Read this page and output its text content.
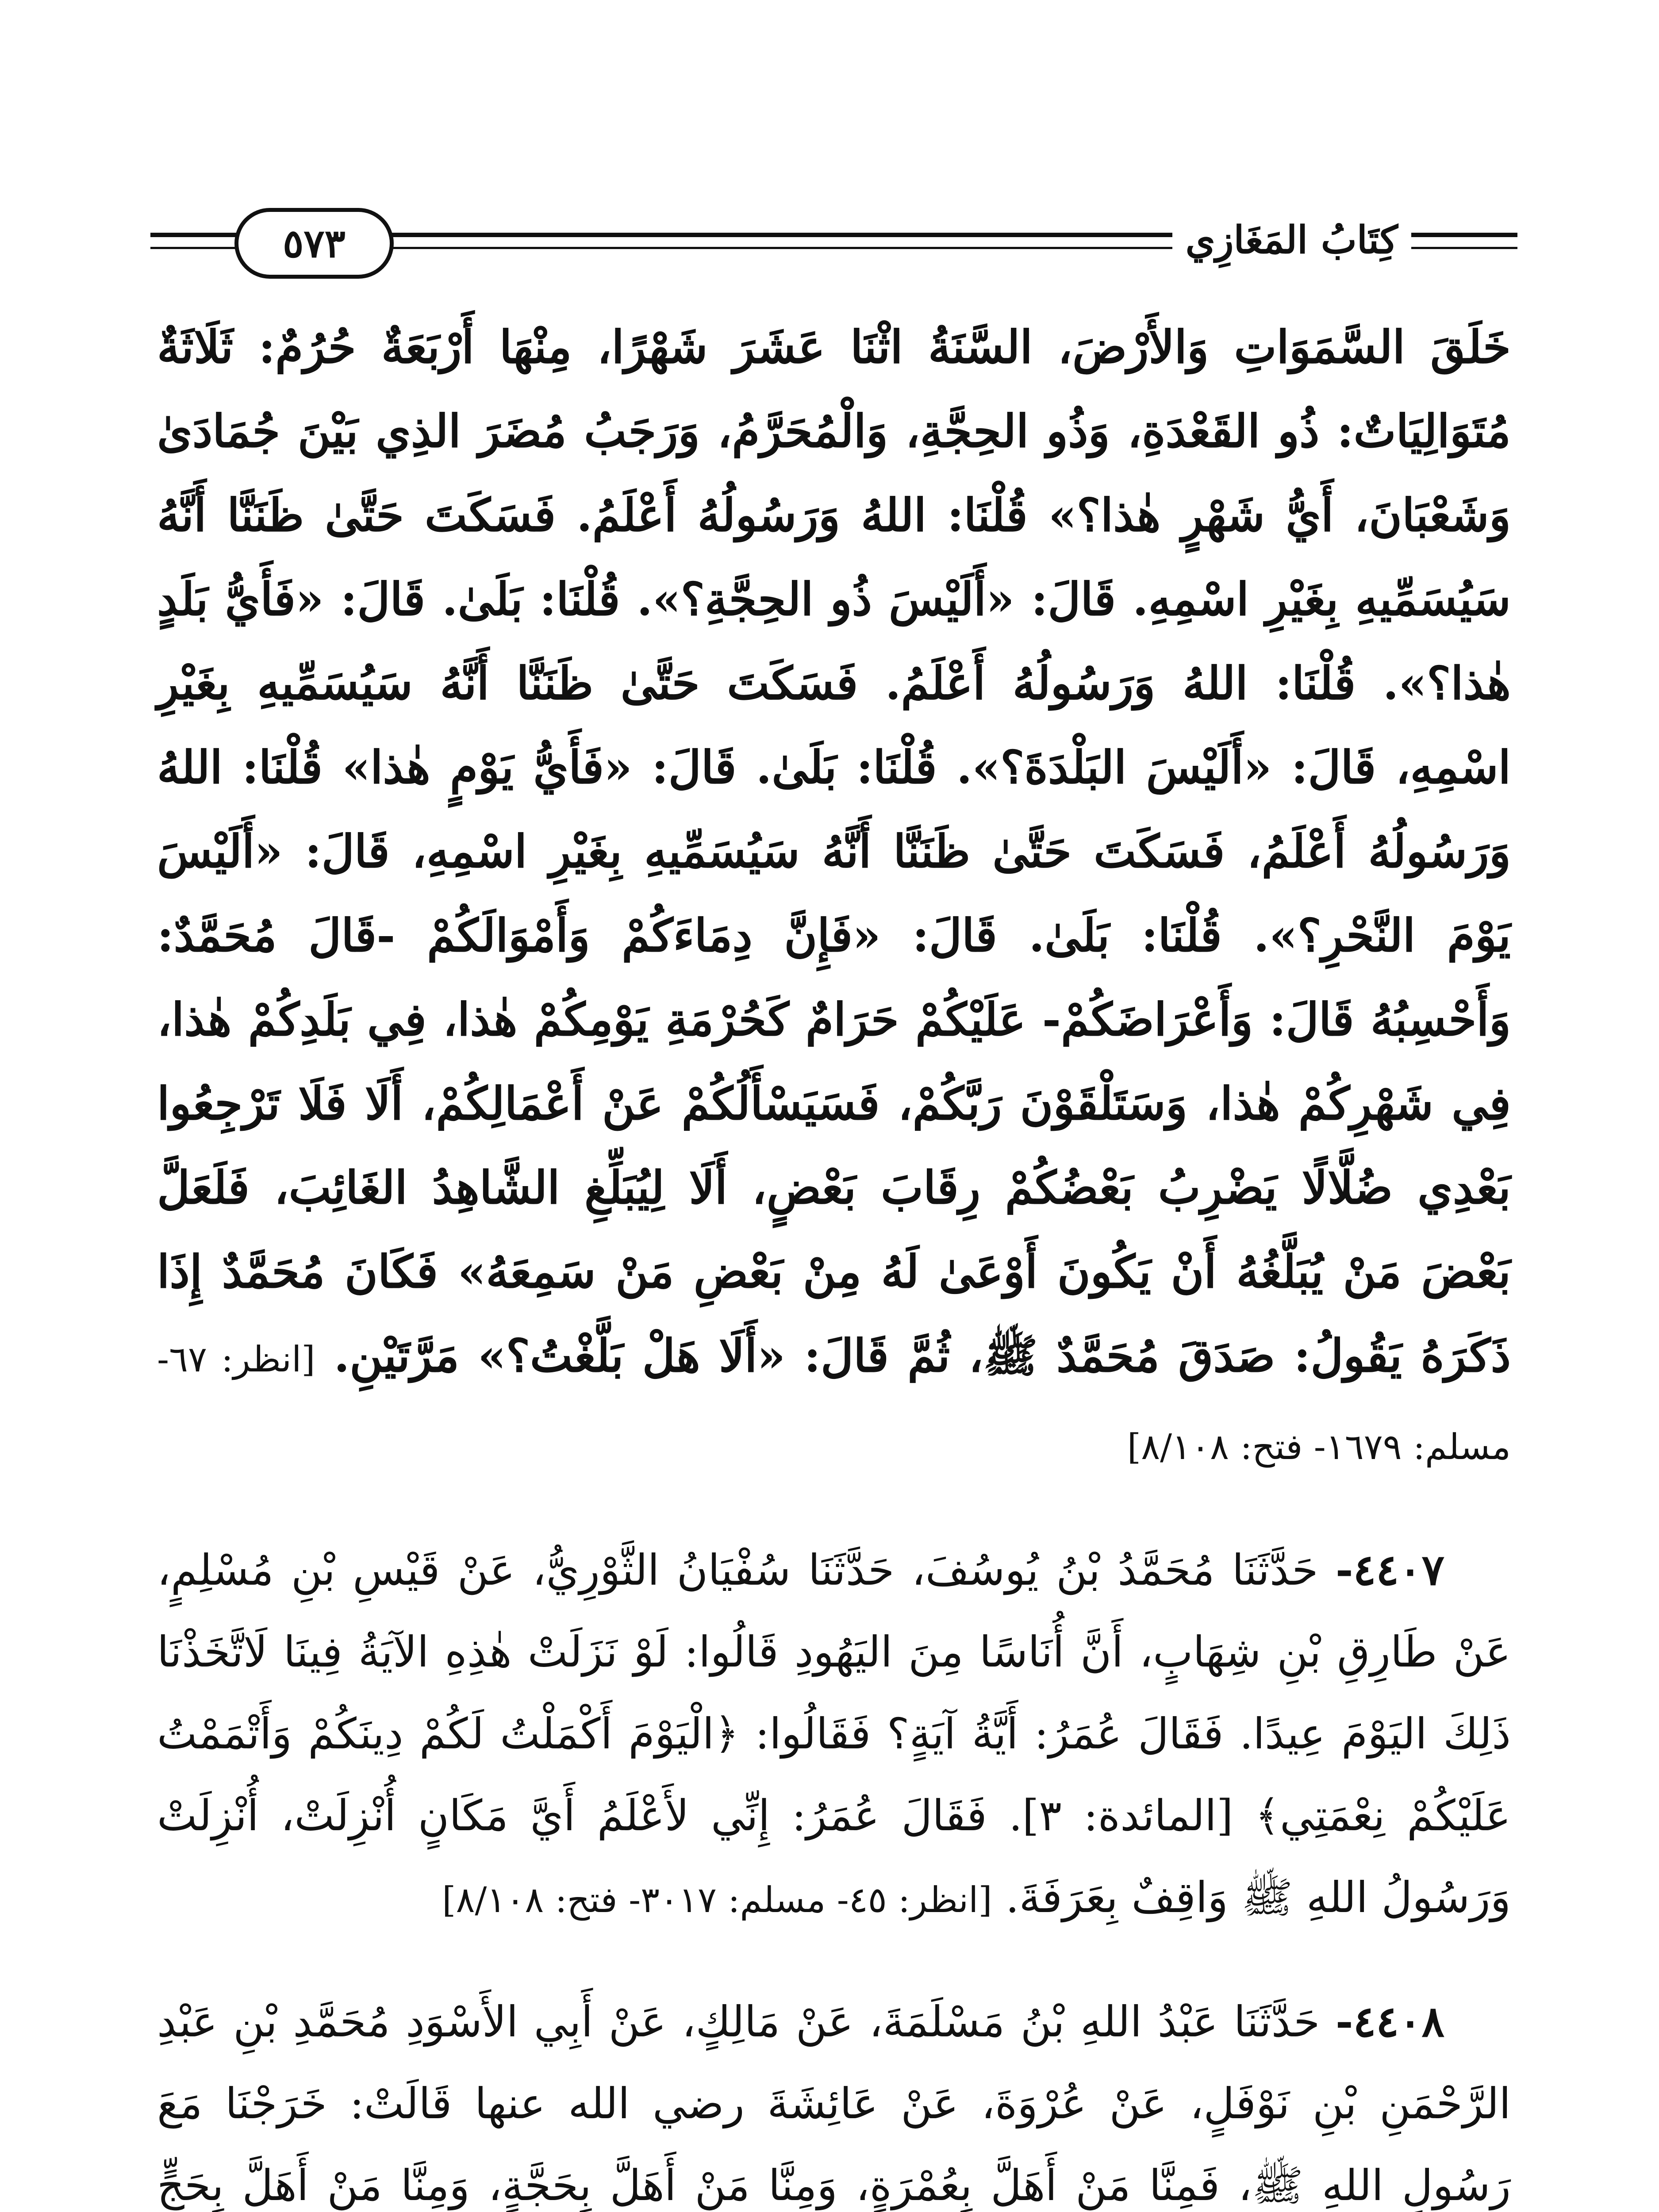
٥٧٣	كِتَابُ المَغَازِي

خَلَقَ السَّمَوَاتِ وَالأَرْضَ، السَّنَةُ اثْنَا عَشَرَ شَهْرًا، مِنْهَا أَرْبَعَةٌ حُرُمٌ: ثَلَاثَةٌ مُتَوَالِيَاتٌ: ذُو القَعْدَةِ، وَذُو الحِجَّةِ، وَالْمُحَرَّمُ، وَرَجَبُ مُضَرَ الذِي بَيْنَ جُمَادَىٰ وَشَعْبَانَ، أَيُّ شَهْرٍ هٰذا؟» قُلْنَا: اللهُ وَرَسُولُهُ أَعْلَمُ. فَسَكَتَ حَتَّىٰ ظَنَنَّا أَنَّهُ سَيُسَمِّيهِ بِغَيْرِ اسْمِهِ. قَالَ: «أَلَيْسَ ذُو الحِجَّةِ؟». قُلْنَا: بَلَىٰ. قَالَ: «فَأَيُّ بَلَدٍ هٰذا؟». قُلْنَا: اللهُ وَرَسُولُهُ أَعْلَمُ. فَسَكَتَ حَتَّىٰ ظَنَنَّا أَنَّهُ سَيُسَمِّيهِ بِغَيْرِ اسْمِهِ، قَالَ: «أَلَيْسَ البَلْدَةَ؟». قُلْنَا: بَلَىٰ. قَالَ: «فَأَيُّ يَوْمٍ هٰذا» قُلْنَا: اللهُ وَرَسُولُهُ أَعْلَمُ، فَسَكَتَ حَتَّىٰ ظَنَنَّا أَنَّهُ سَيُسَمِّيهِ بِغَيْرِ اسْمِهِ، قَالَ: «أَلَيْسَ يَوْمَ النَّحْرِ؟». قُلْنَا: بَلَىٰ. قَالَ: «فَإِنَّ دِمَاءَكُمْ وَأَمْوَالَكُمْ -قَالَ مُحَمَّدٌ: وَأَحْسِبُهُ قَالَ: وَأَعْرَاضَكُمْ- عَلَيْكُمْ حَرَامٌ كَحُرْمَةِ يَوْمِكُمْ هٰذا، فِي بَلَدِكُمْ هٰذا، فِي شَهْرِكُمْ هٰذا، وَسَتَلْقَوْنَ رَبَّكُمْ، فَسَيَسْأَلُكُمْ عَنْ أَعْمَالِكُمْ، أَلَا فَلَا تَرْجِعُوا بَعْدِي ضُلَّالًا يَضْرِبُ بَعْضُكُمْ رِقَابَ بَعْضٍ، أَلَا لِيُبَلِّغِ الشَّاهِدُ الغَائِبَ، فَلَعَلَّ بَعْضَ مَنْ يُبَلَّغُهُ أَنْ يَكُونَ أَوْعَىٰ لَهُ مِنْ بَعْضِ مَنْ سَمِعَهُ» فَكَانَ مُحَمَّدٌ إِذَا ذَكَرَهُ يَقُولُ: صَدَقَ مُحَمَّدٌ ﷺ، ثُمَّ قَالَ: «أَلَا هَلْ بَلَّغْتُ؟» مَرَّتَيْنِ. [انظر: ٦٧- مسلم: ١٦٧٩- فتح: ٨/١٠٨]

٤٤٠٧- حَدَّثَنَا مُحَمَّدُ بْنُ يُوسُفَ، حَدَّثَنَا سُفْيَانُ الثَّوْرِيُّ، عَنْ قَيْسِ بْنِ مُسْلِمٍ، عَنْ طَارِقِ بْنِ شِهَابٍ، أَنَّ أُنَاسًا مِنَ اليَهُودِ قَالُوا: لَوْ نَزَلَتْ هٰذِهِ الآيَةُ فِينَا لَاتَّخَذْنَا ذَلِكَ اليَوْمَ عِيدًا. فَقَالَ عُمَرُ: أَيَّةُ آيَةٍ؟ فَقَالُوا: ﴿الْيَوْمَ أَكْمَلْتُ لَكُمْ دِينَكُمْ وَأَتْمَمْتُ عَلَيْكُمْ نِعْمَتِي﴾ [المائدة: ٣]. فَقَالَ عُمَرُ: إِنِّي لأَعْلَمُ أَيَّ مَكَانٍ أُنْزِلَتْ، أُنْزِلَتْ وَرَسُولُ اللهِ ﷺ وَاقِفٌ بِعَرَفَةَ. [انظر: ٤٥- مسلم: ٣٠١٧- فتح: ٨/١٠٨]

٤٤٠٨- حَدَّثَنَا عَبْدُ اللهِ بْنُ مَسْلَمَةَ، عَنْ مَالِكٍ، عَنْ أَبِي الأَسْوَدِ مُحَمَّدِ بْنِ عَبْدِ الرَّحْمَنِ بْنِ نَوْفَلٍ، عَنْ عُرْوَةَ، عَنْ عَائِشَةَ رضي الله عنها قَالَتْ: خَرَجْنَا مَعَ رَسُولِ اللهِ ﷺ، فَمِنَّا مَنْ أَهَلَّ بِعُمْرَةٍ، وَمِنَّا مَنْ أَهَلَّ بِحَجَّةٍ، وَمِنَّا مَنْ أَهَلَّ بِحَجٍّ
